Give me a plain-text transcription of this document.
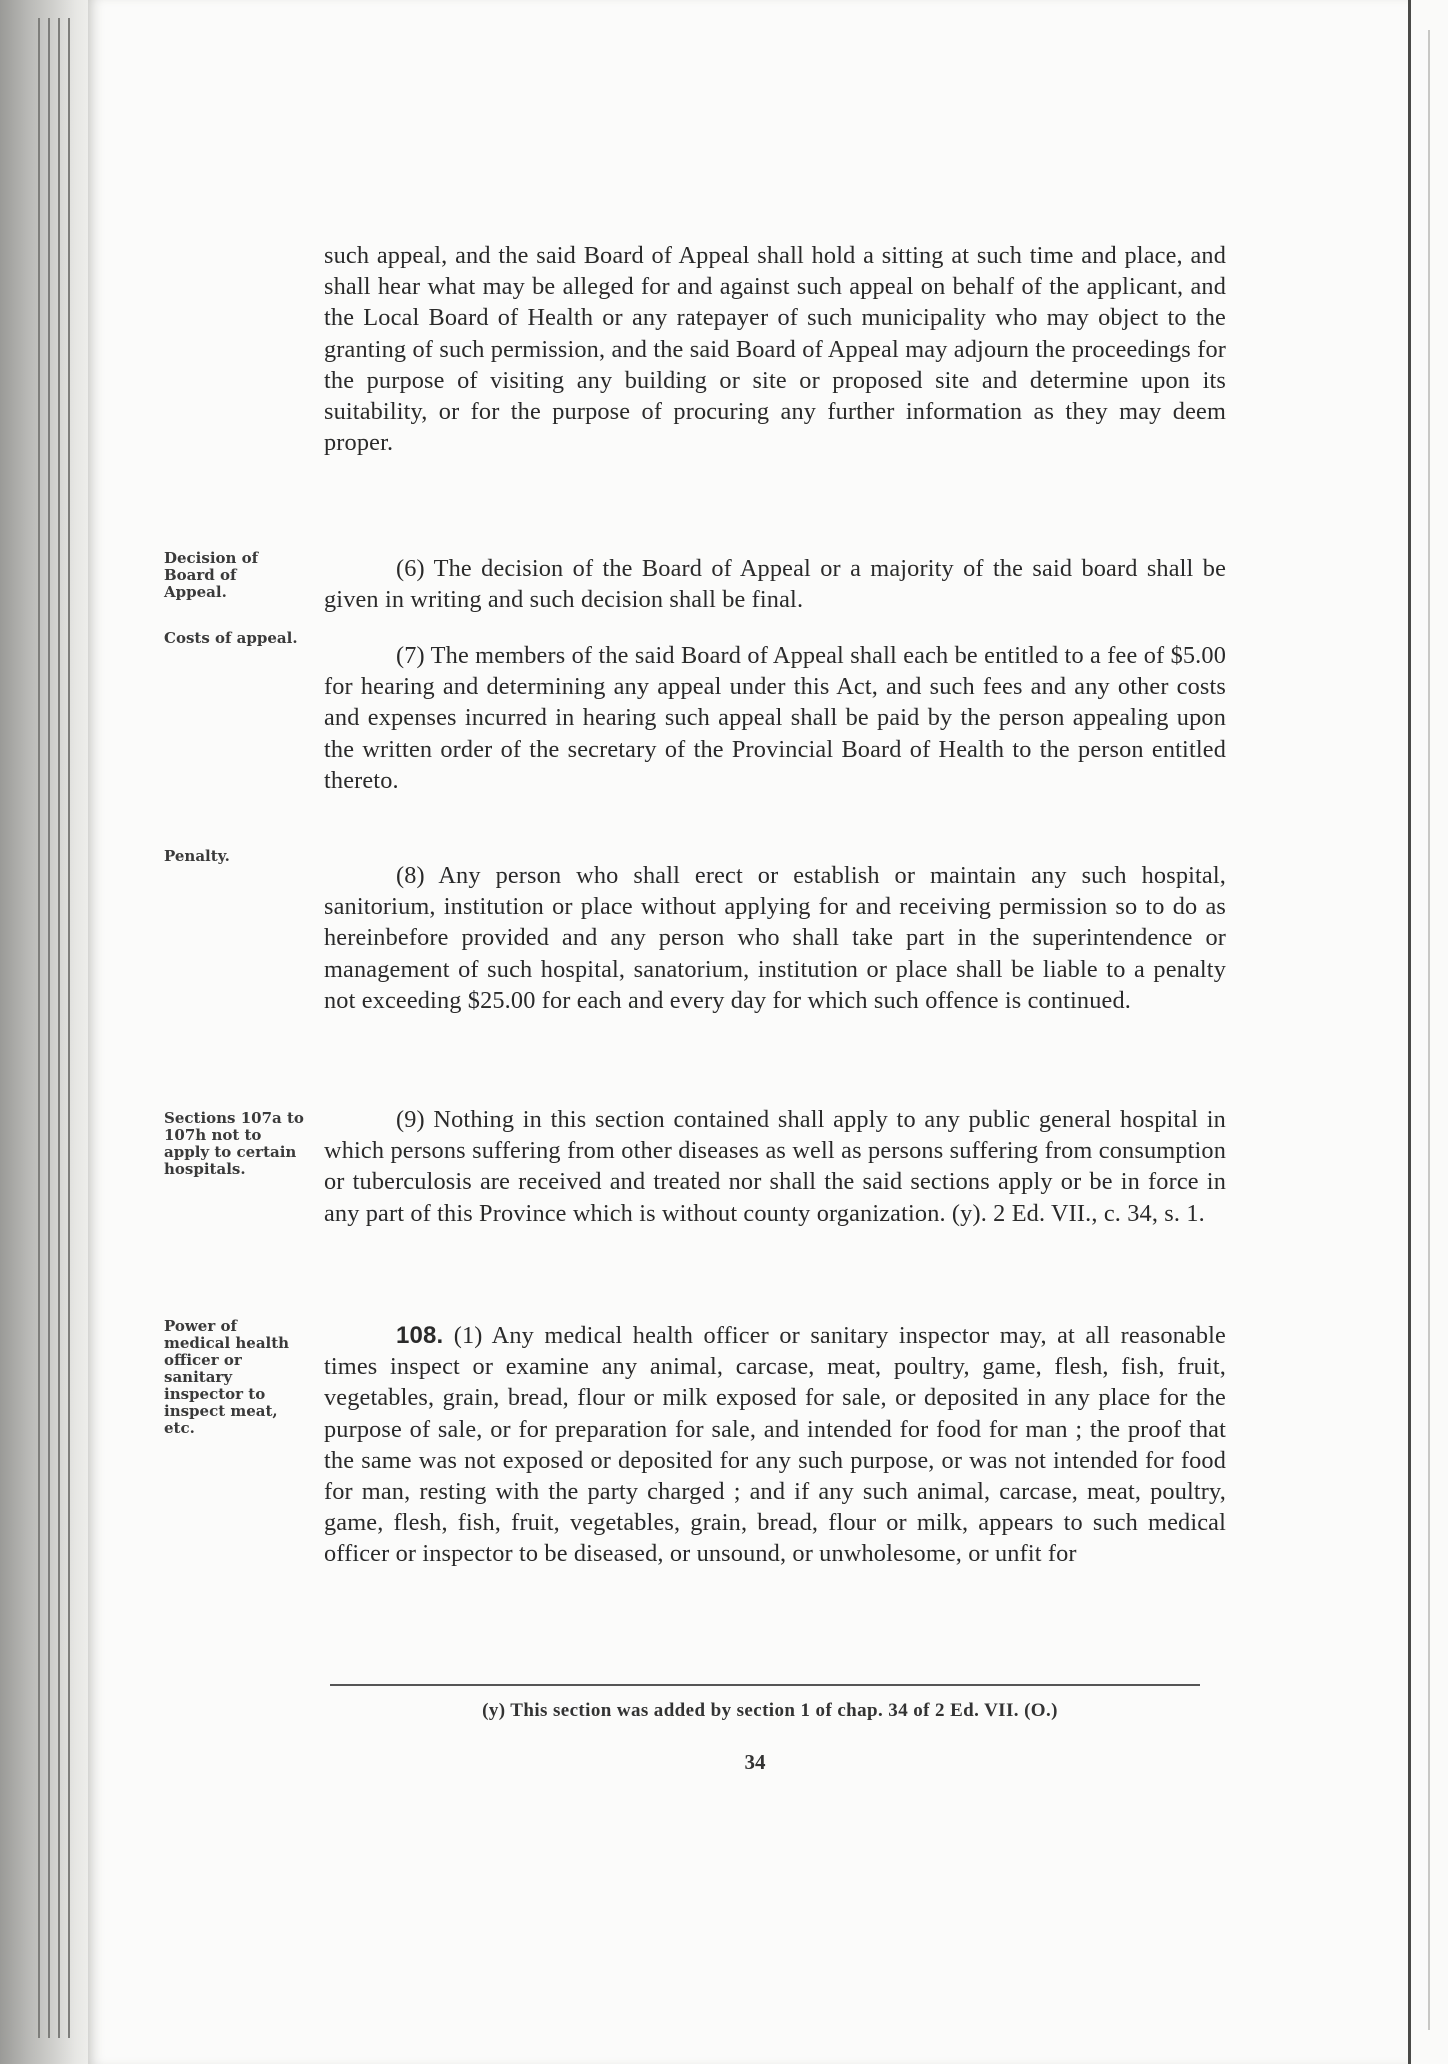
such appeal, and the said Board of Appeal shall hold a sitting at such time and place, and shall hear what may be alleged for and against such appeal on behalf of the applicant, and the Local Board of Health or any ratepayer of such municipality who may object to the granting of such permission, and the said Board of Appeal may adjourn the proceedings for the purpose of visiting any building or site or proposed site and determine upon its suitability, or for the purpose of procuring any further information as they may deem proper.

Decision of Board of Appeal.

(6) The decision of the Board of Appeal or a majority of the said board shall be given in writing and such decision shall be final.

Costs of appeal.

(7) The members of the said Board of Appeal shall each be entitled to a fee of $5.00 for hearing and determining any appeal under this Act, and such fees and any other costs and expenses incurred in hearing such appeal shall be paid by the person appealing upon the written order of the secretary of the Provincial Board of Health to the person entitled thereto.

Penalty.

(8) Any person who shall erect or establish or maintain any such hospital, sanitorium, institution or place without applying for and receiving permission so to do as hereinbefore provided and any person who shall take part in the superintendence or management of such hospital, sanatorium, institution or place shall be liable to a penalty not exceeding $25.00 for each and every day for which such offence is continued.

Sections 107a to 107h not to apply to certain hospitals.

(9) Nothing in this section contained shall apply to any public general hospital in which persons suffering from other diseases as well as persons suffering from consumption or tuberculosis are received and treated nor shall the said sections apply or be in force in any part of this Province which is without county organization. (y). 2 Ed. VII., c. 34, s. 1.

Power of medical health officer or sanitary inspector to inspect meat, etc.

108. (1) Any medical health officer or sanitary inspector may, at all reasonable times inspect or examine any animal, carcase, meat, poultry, game, flesh, fish, fruit, vegetables, grain, bread, flour or milk exposed for sale, or deposited in any place for the purpose of sale, or for preparation for sale, and intended for food for man ; the proof that the same was not exposed or deposited for any such purpose, or was not intended for food for man, resting with the party charged ; and if any such animal, carcase, meat, poultry, game, flesh, fish, fruit, vegetables, grain, bread, flour or milk, appears to such medical officer or inspector to be diseased, or unsound, or unwholesome, or unfit for

(y) This section was added by section 1 of chap. 34 of 2 Ed. VII. (O.)

34
